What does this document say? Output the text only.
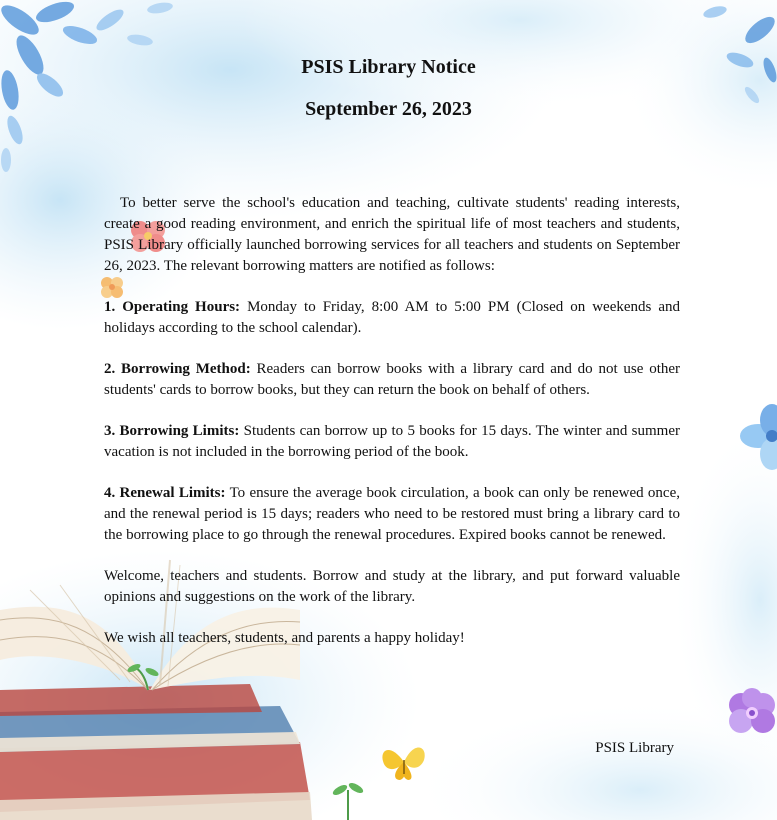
PSIS Library Notice
September 26, 2023

To better serve the school's education and teaching, cultivate students' reading interests, create a good reading environment, and enrich the spiritual life of most teachers and students, PSIS Library officially launched borrowing services for all teachers and students on September 26, 2023. The relevant borrowing matters are notified as follows:

1. Operating Hours: Monday to Friday, 8:00 AM to 5:00 PM (Closed on weekends and holidays according to the school calendar).

2. Borrowing Method: Readers can borrow books with a library card and do not use other students' cards to borrow books, but they can return the book on behalf of others.

3. Borrowing Limits: Students can borrow up to 5 books for 15 days. The winter and summer vacation is not included in the borrowing period of the book.

4. Renewal Limits: To ensure the average book circulation, a book can only be renewed once, and the renewal period is 15 days; readers who need to be restored must bring a library card to the borrowing place to go through the renewal procedures. Expired books cannot be renewed.

Welcome, teachers and students. Borrow and study at the library, and put forward valuable opinions and suggestions on the work of the library.

We wish all teachers, students, and parents a happy holiday!

PSIS Library
